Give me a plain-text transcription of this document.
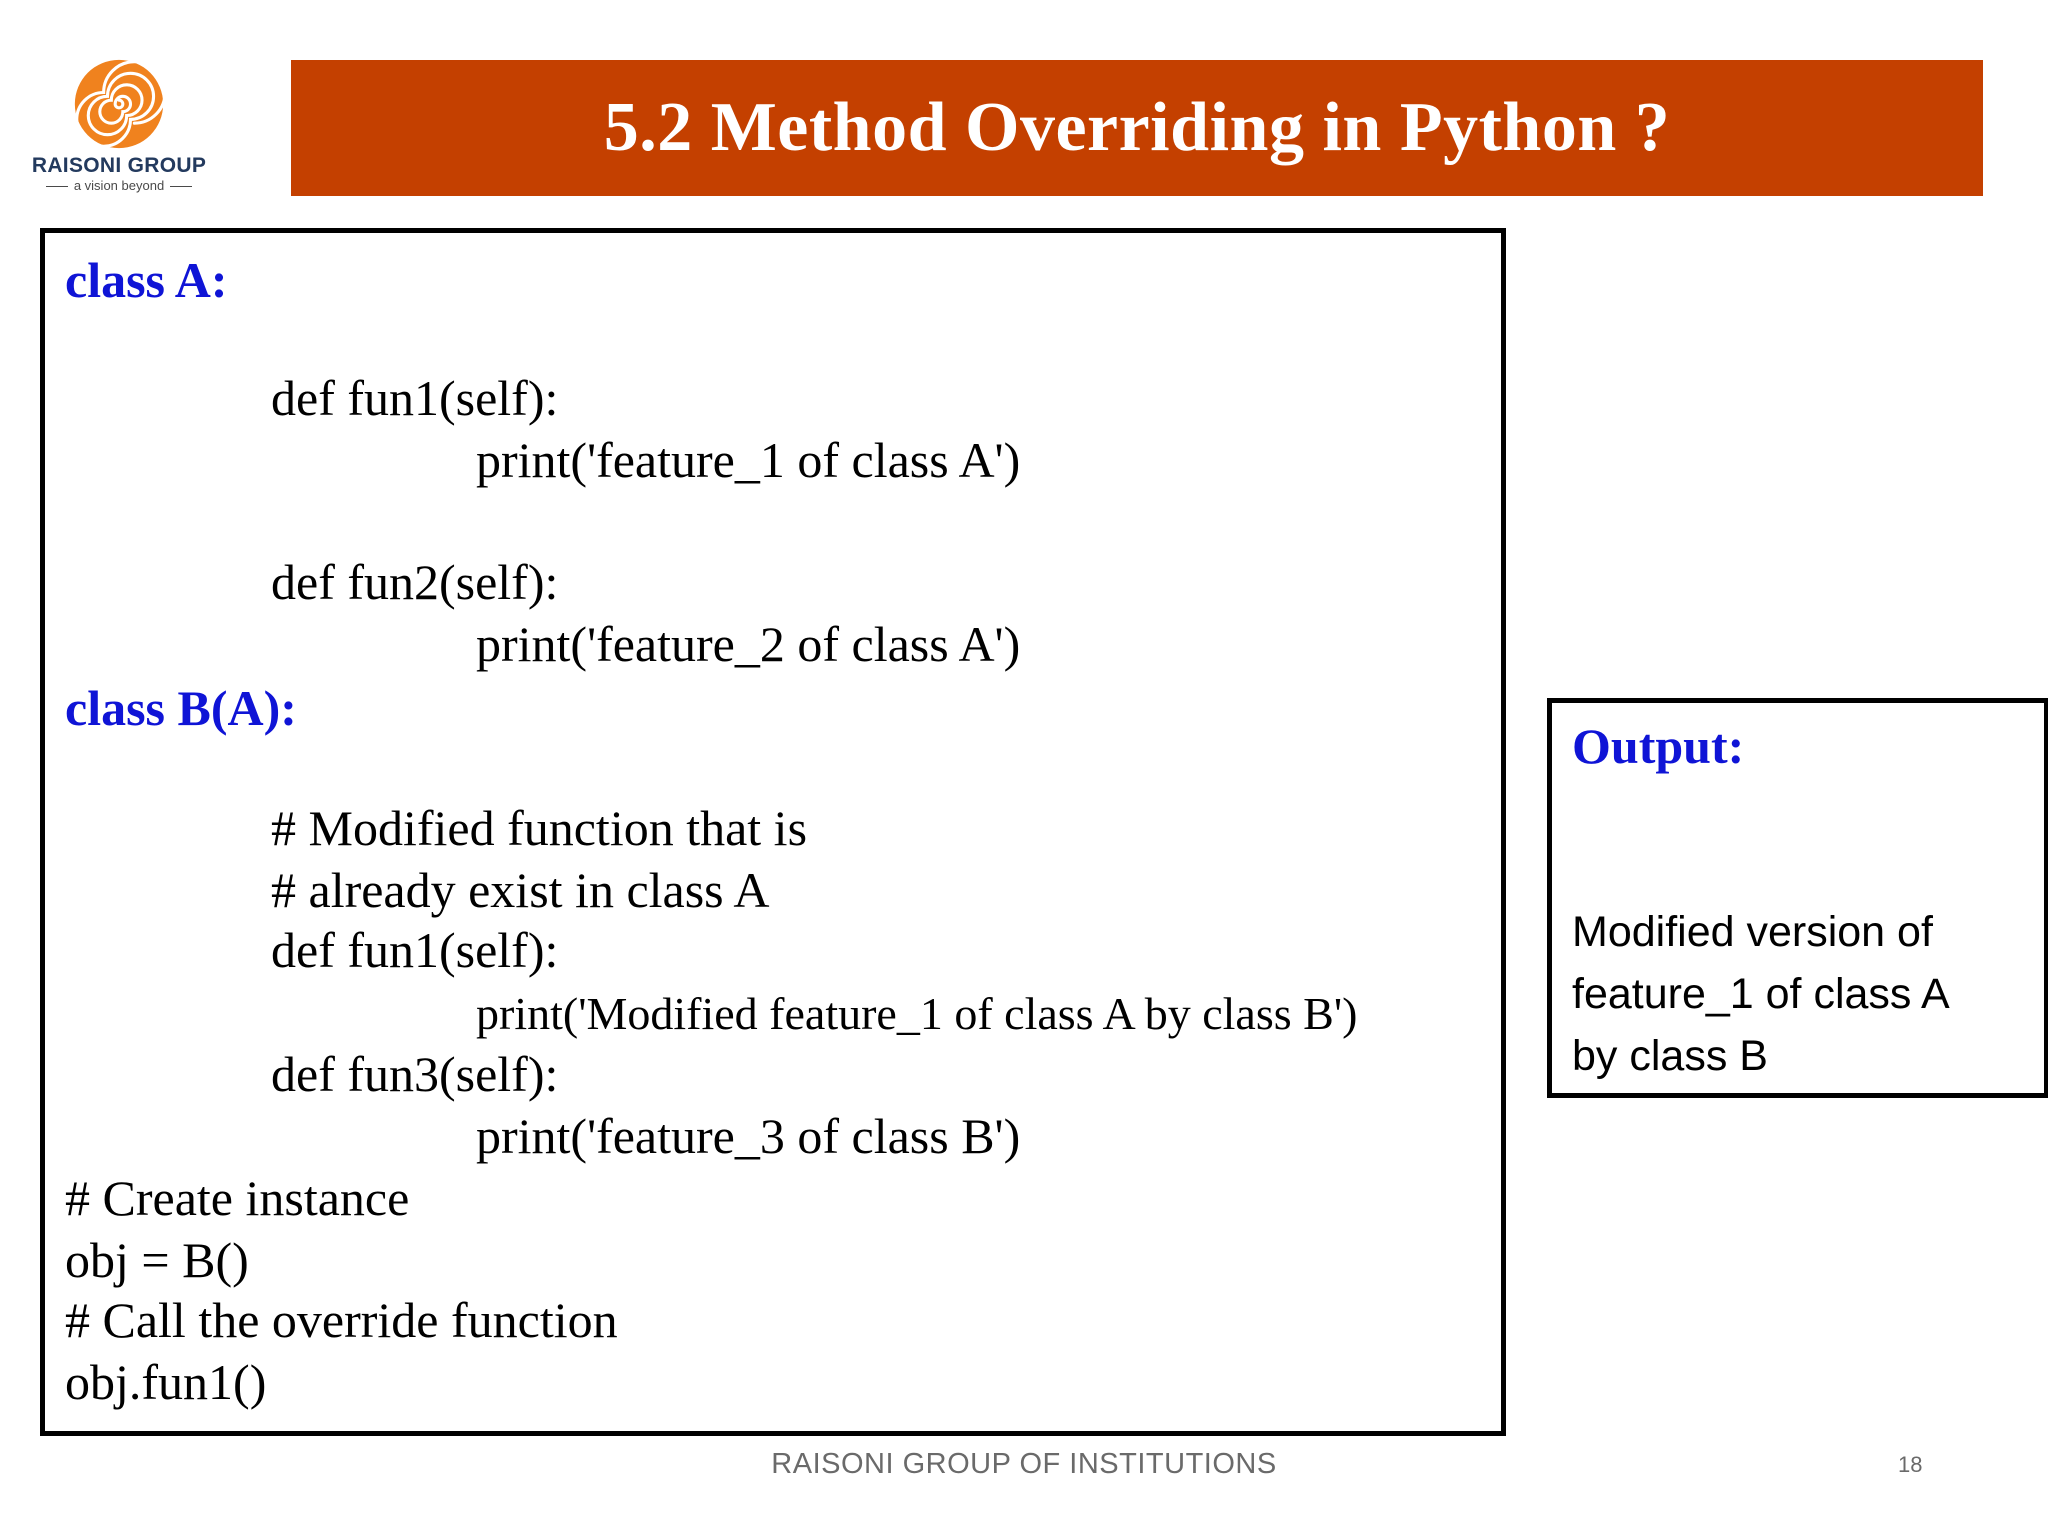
RAISONI GROUP
a vision beyond
5.2 Method Overriding in Python ?
class A:
def fun1(self):
print('feature_1 of class A')
def fun2(self):
print('feature_2 of class A')
class B(A):
# Modified function that is
# already exist in class A
def fun1(self):
print('Modified feature_1 of class A by class B')
def fun3(self):
print('feature_3 of class B')
# Create instance
obj = B()
# Call the override function
obj.fun1()
Output:
Modified version of
feature_1 of class A
by class B
RAISONI GROUP OF INSTITUTIONS	18
